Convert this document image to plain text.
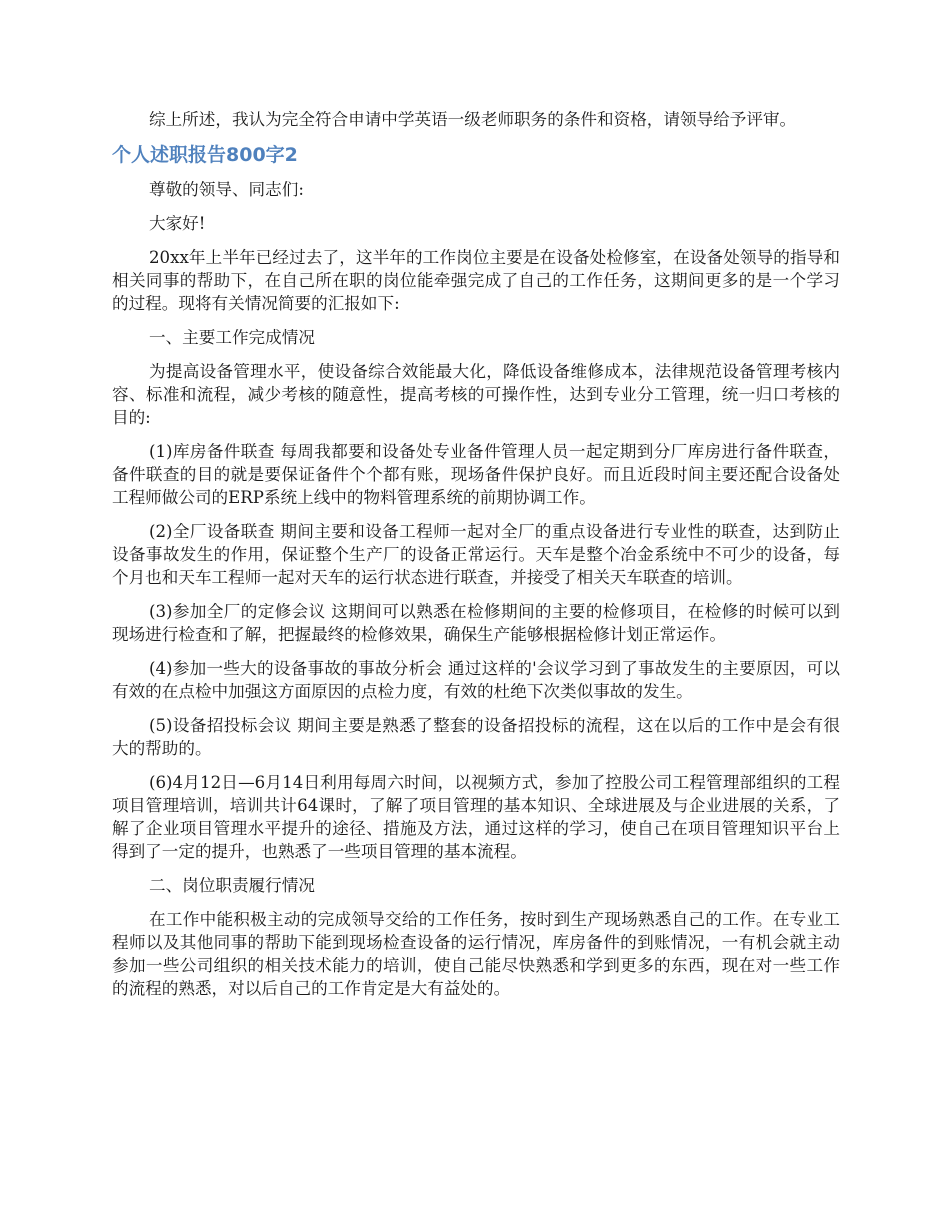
综上所述，我认为完全符合申请中学英语一级老师职务的条件和资格，请领导给予评审。

个人述职报告800字2

尊敬的领导、同志们:

大家好!

20xx年上半年已经过去了，这半年的工作岗位主要是在设备处检修室，在设备处领导的指导和相关同事的帮助下，在自己所在职的岗位能牵强完成了自己的工作任务，这期间更多的是一个学习的过程。现将有关情况简要的汇报如下:

一、主要工作完成情况

为提高设备管理水平，使设备综合效能最大化，降低设备维修成本，法律规范设备管理考核内容、标准和流程，减少考核的随意性，提高考核的可操作性，达到专业分工管理，统一归口考核的目的:

(1)库房备件联查 每周我都要和设备处专业备件管理人员一起定期到分厂库房进行备件联查，备件联查的目的就是要保证备件个个都有账，现场备件保护良好。而且近段时间主要还配合设备处工程师做公司的ERP系统上线中的物料管理系统的前期协调工作。

(2)全厂设备联查 期间主要和设备工程师一起对全厂的重点设备进行专业性的联查，达到防止设备事故发生的作用，保证整个生产厂的设备正常运行。天车是整个冶金系统中不可少的设备，每个月也和天车工程师一起对天车的运行状态进行联查，并接受了相关天车联查的培训。

(3)参加全厂的定修会议 这期间可以熟悉在检修期间的主要的检修项目，在检修的时候可以到现场进行检查和了解，把握最终的检修效果，确保生产能够根据检修计划正常运作。

(4)参加一些大的设备事故的事故分析会 通过这样的'会议学习到了事故发生的主要原因，可以有效的在点检中加强这方面原因的点检力度，有效的杜绝下次类似事故的发生。

(5)设备招投标会议 期间主要是熟悉了整套的设备招投标的流程，这在以后的工作中是会有很大的帮助的。

(6)4月12日—6月14日利用每周六时间，以视频方式，参加了控股公司工程管理部组织的工程项目管理培训，培训共计64课时，了解了项目管理的基本知识、全球进展及与企业进展的关系，了解了企业项目管理水平提升的途径、措施及方法，通过这样的学习，使自己在项目管理知识平台上得到了一定的提升，也熟悉了一些项目管理的基本流程。

二、岗位职责履行情况

在工作中能积极主动的完成领导交给的工作任务，按时到生产现场熟悉自己的工作。在专业工程师以及其他同事的帮助下能到现场检查设备的运行情况，库房备件的到账情况，一有机会就主动参加一些公司组织的相关技术能力的培训，使自己能尽快熟悉和学到更多的东西，现在对一些工作的流程的熟悉，对以后自己的工作肯定是大有益处的。
